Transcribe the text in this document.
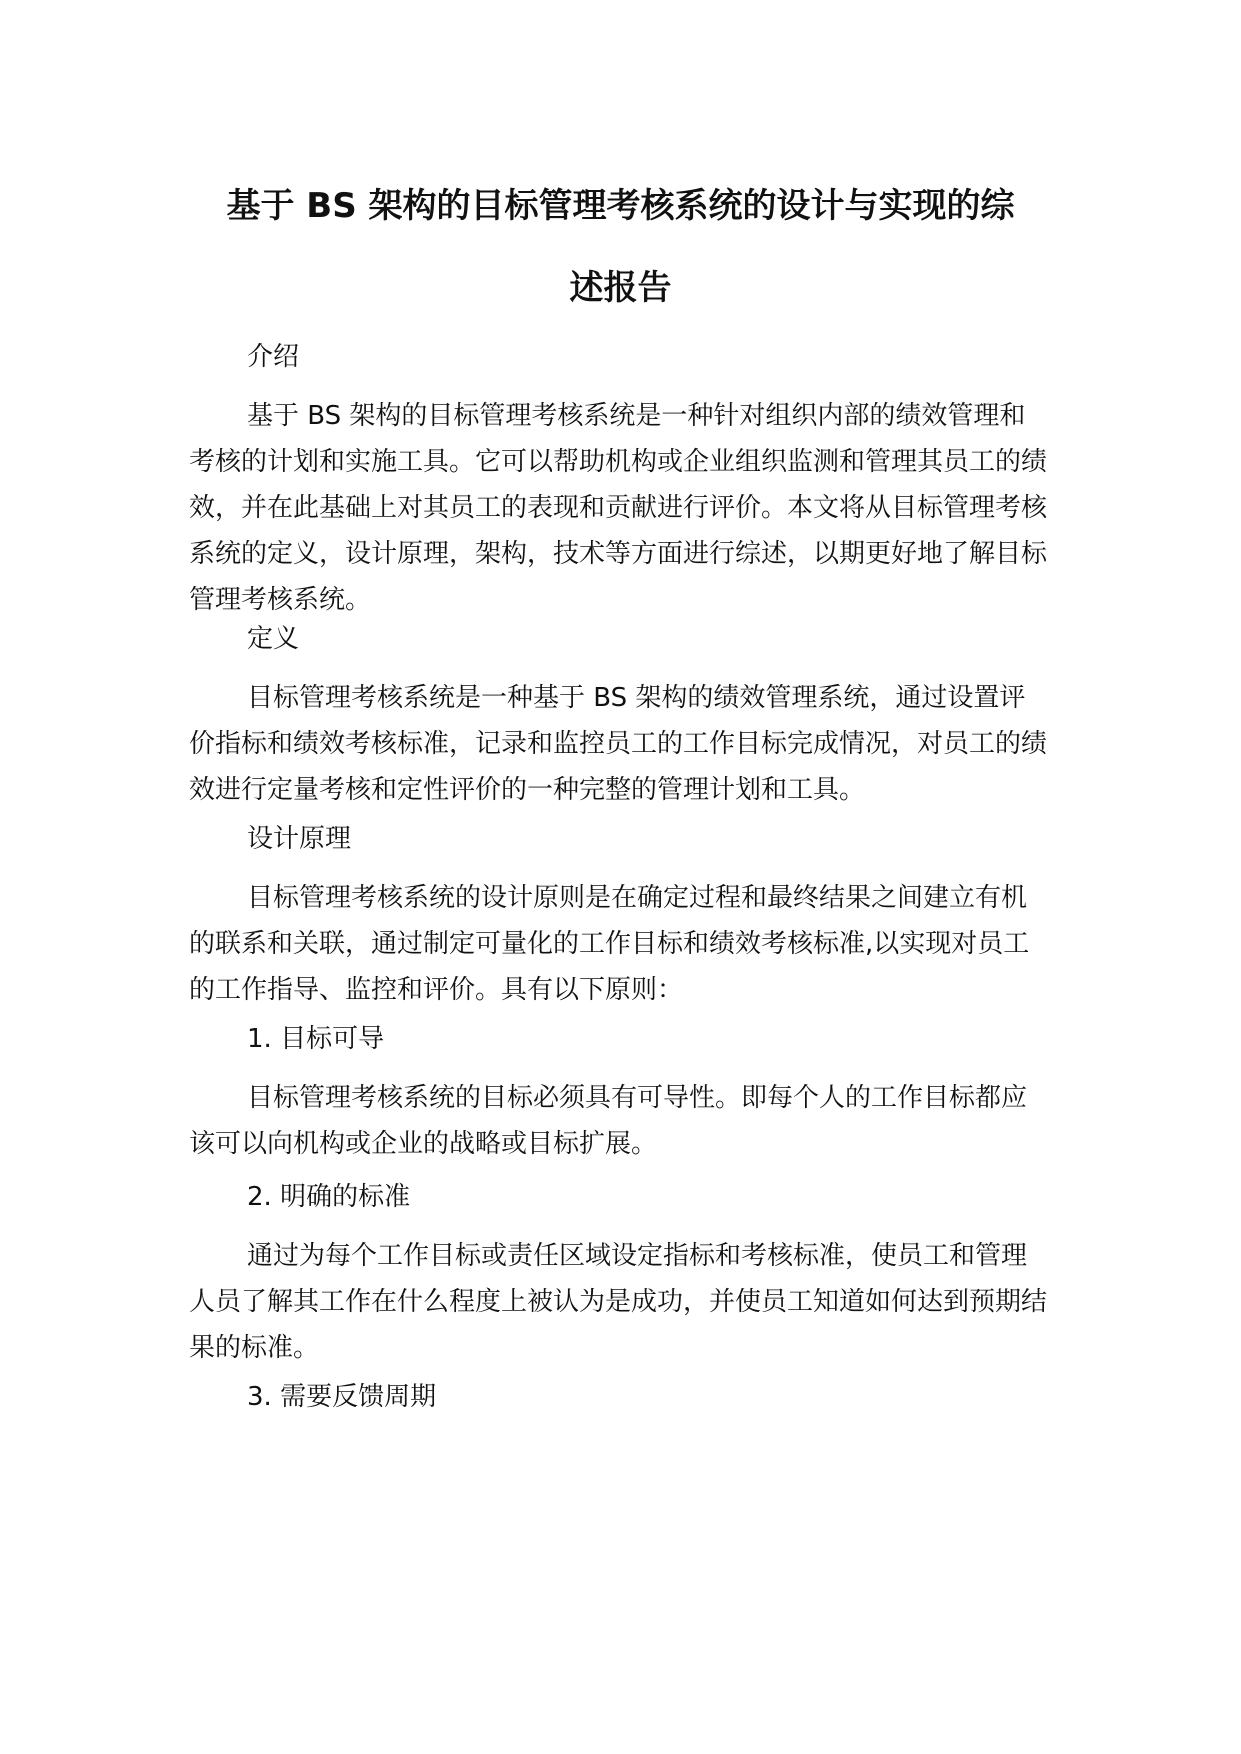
基于 BS 架构的目标管理考核系统的设计与实现的综
述报告

介绍

基于 BS 架构的目标管理考核系统是一种针对组织内部的绩效管理和考核的计划和实施工具。它可以帮助机构或企业组织监测和管理其员工的绩效，并在此基础上对其员工的表现和贡献进行评价。本文将从目标管理考核系统的定义，设计原理，架构，技术等方面进行综述，以期更好地了解目标管理考核系统。

定义

目标管理考核系统是一种基于 BS 架构的绩效管理系统，通过设置评价指标和绩效考核标准，记录和监控员工的工作目标完成情况，对员工的绩效进行定量考核和定性评价的一种完整的管理计划和工具。

设计原理

目标管理考核系统的设计原则是在确定过程和最终结果之间建立有机的联系和关联，通过制定可量化的工作目标和绩效考核标准,以实现对员工的工作指导、监控和评价。具有以下原则：

1. 目标可导

目标管理考核系统的目标必须具有可导性。即每个人的工作目标都应该可以向机构或企业的战略或目标扩展。

2. 明确的标准

通过为每个工作目标或责任区域设定指标和考核标准，使员工和管理人员了解其工作在什么程度上被认为是成功，并使员工知道如何达到预期结果的标准。

3. 需要反馈周期
